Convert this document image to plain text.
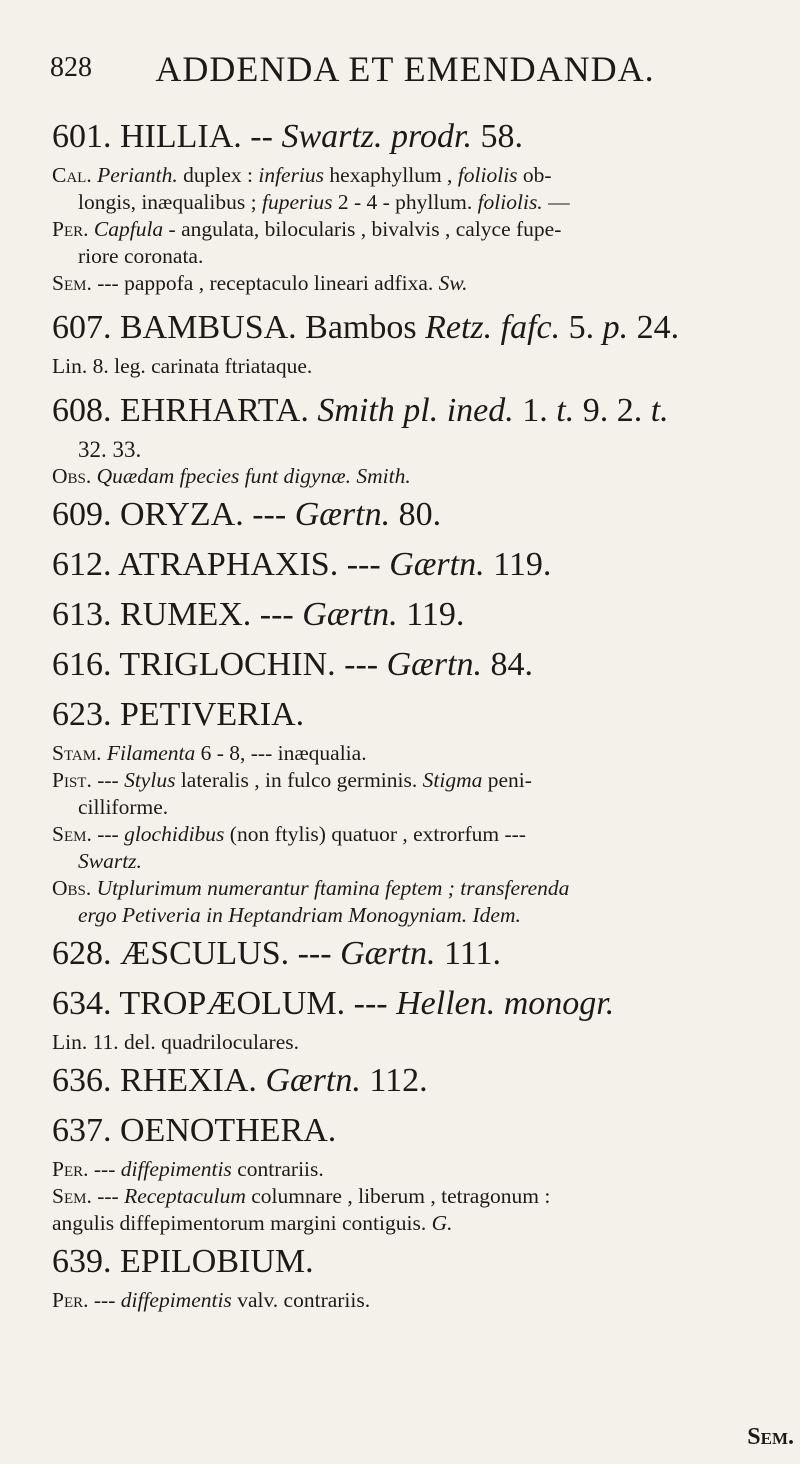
828	ADDENDA ET EMENDANDA.
601. HILLIA. -- Swartz. prodr. 58.
Cal. Perianth. duplex : inferius hexaphyllum , foliolis ob-
longis, inæqualibus ; fuperius 2 - 4 - phyllum. foliolis. —
Per. Capfula - angulata, bilocularis , bivalvis , calyce fupe-
riore coronata.
Sem. --- pappofa , receptaculo lineari adfixa. Sw.
607. BAMBUSA. Bambos Retz. fafc. 5. p. 24.
Lin. 8. leg. carinata ftriataque.
608. EHRHARTA. Smith pl. ined. 1. t. 9. 2. t.
32. 33.
Obs. Quædam fpecies funt digynæ. Smith.
609. ORYZA. --- Gærtn. 80.
612. ATRAPHAXIS. --- Gærtn. 119.
613. RUMEX. --- Gærtn. 119.
616. TRIGLOCHIN. --- Gærtn. 84.
623. PETIVERIA.
Stam. Filamenta 6 - 8, --- inæqualia.
Pist. --- Stylus lateralis , in fulco germinis. Stigma peni-
cilliforme.
Sem. --- glochidibus (non ftylis) quatuor , extrorfum ---
Swartz.
Obs. Utplurimum numerantur ftamina feptem ; transferenda
ergo Petiveria in Heptandriam Monogyniam. Idem.
628. ÆSCULUS. --- Gærtn. 111.
634. TROPÆOLUM. --- Hellen. monogr.
Lin. 11. del. quadriloculares.
636. RHEXIA. Gærtn. 112.
637. OENOTHERA.
Per. --- diffepimentis contrariis.
Sem. --- Receptaculum columnare , liberum , tetragonum :
angulis diffepimentorum margini contiguis. G.
639. EPILOBIUM.
Per. --- diffepimentis valv. contrariis.
Sem.
